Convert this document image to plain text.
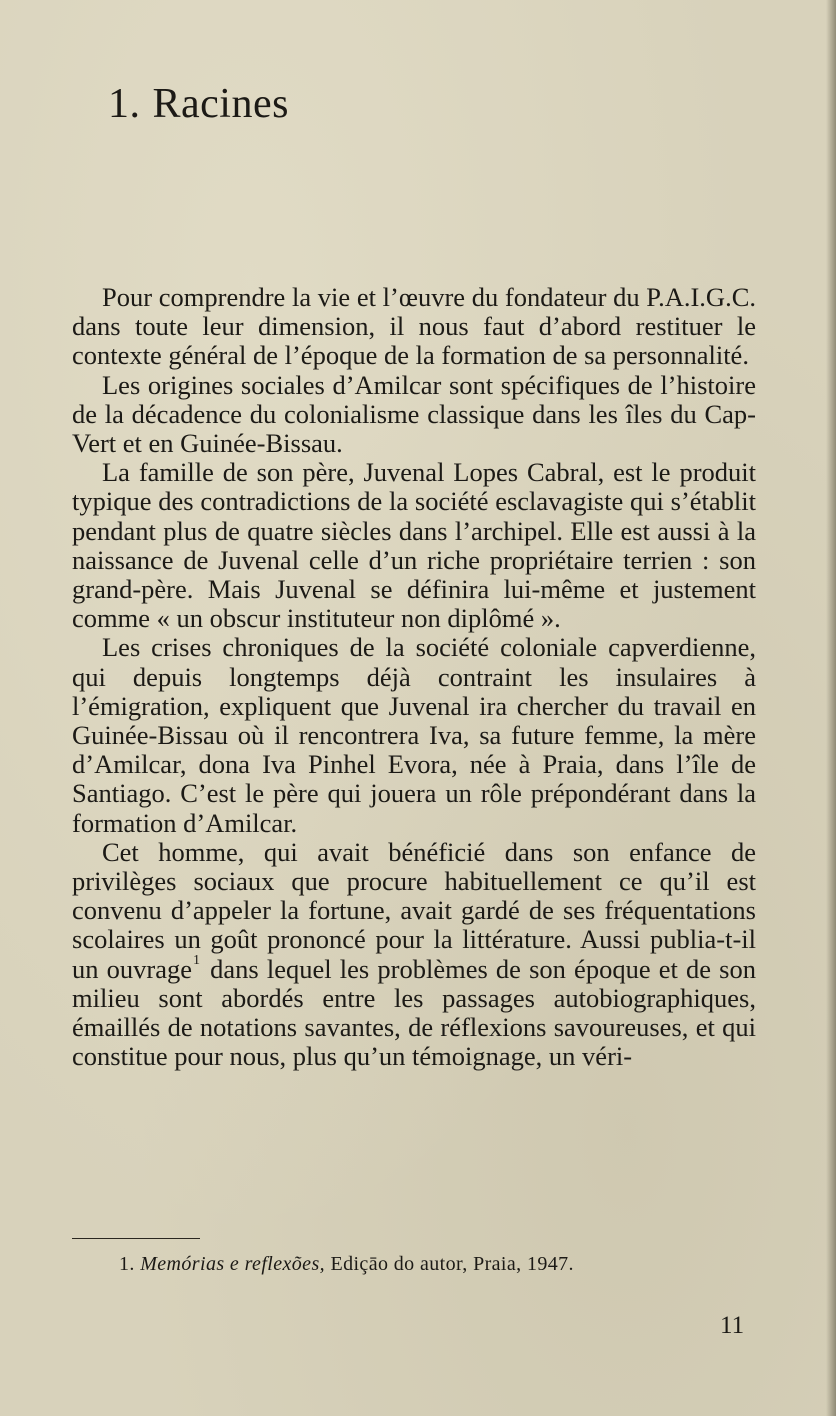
1. Racines

Pour comprendre la vie et l’œuvre du fondateur du P.A.I.G.C. dans toute leur dimension, il nous faut d’abord restituer le contexte général de l’époque de la formation de sa personnalité.

Les origines sociales d’Amilcar sont spécifiques de l’histoire de la décadence du colonialisme classique dans les îles du Cap-Vert et en Guinée-Bissau.

La famille de son père, Juvenal Lopes Cabral, est le produit typique des contradictions de la société esclavagiste qui s’établit pendant plus de quatre siècles dans l’archipel. Elle est aussi à la naissance de Juvenal celle d’un riche propriétaire terrien : son grand-père. Mais Juvenal se définira lui-même et justement comme « un obscur instituteur non diplômé ».

Les crises chroniques de la société coloniale capverdienne, qui depuis longtemps déjà contraint les insulaires à l’émigration, expliquent que Juvenal ira chercher du travail en Guinée-Bissau où il rencontrera Iva, sa future femme, la mère d’Amilcar, dona Iva Pinhel Evora, née à Praia, dans l’île de Santiago. C’est le père qui jouera un rôle prépondérant dans la formation d’Amilcar.

Cet homme, qui avait bénéficié dans son enfance de privilèges sociaux que procure habituellement ce qu’il est convenu d’appeler la fortune, avait gardé de ses fréquentations scolaires un goût prononcé pour la littérature. Aussi publia-t-il un ouvrage$^1$ dans lequel les problèmes de son époque et de son milieu sont abordés entre les passages autobiographiques, émaillés de notations savantes, de réflexions savoureuses, et qui constitue pour nous, plus qu’un témoignage, un véri-

1. Memórias e reflexões, Ediçāo do autor, Praia, 1947.
11
